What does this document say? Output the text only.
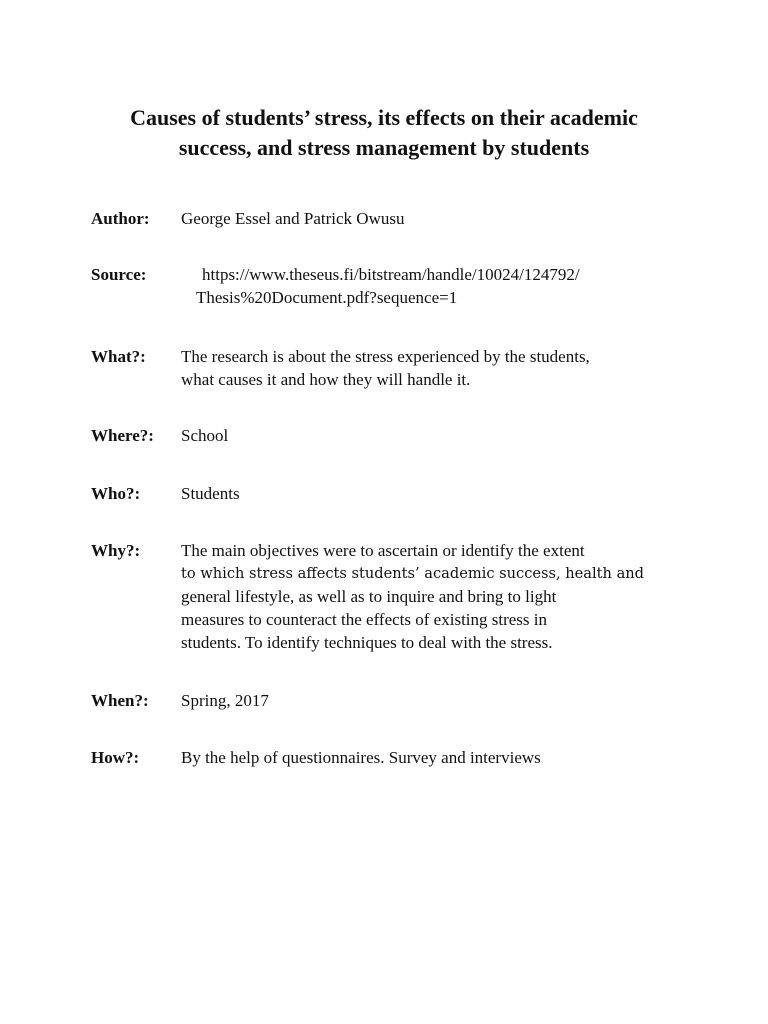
Causes of students’ stress, its effects on their academic
success, and stress management by students
Author: George Essel and Patrick Owusu
Source:	https://www.theseus.fi/bitstream/handle/10024/124792/
Thesis%20Document.pdf?sequence=1
What?: The research is about the stress experienced by the students,
what causes it and how they will handle it.
Where?: School
Who?: Students
Why?: The main objectives were to ascertain or identify the extent
to which stress affects students’ academic success, health and
general lifestyle, as well as to inquire and bring to light
measures to counteract the effects of existing stress in
students. To identify techniques to deal with the stress.
When?: Spring, 2017
How?: By the help of questionnaires. Survey and interviews
